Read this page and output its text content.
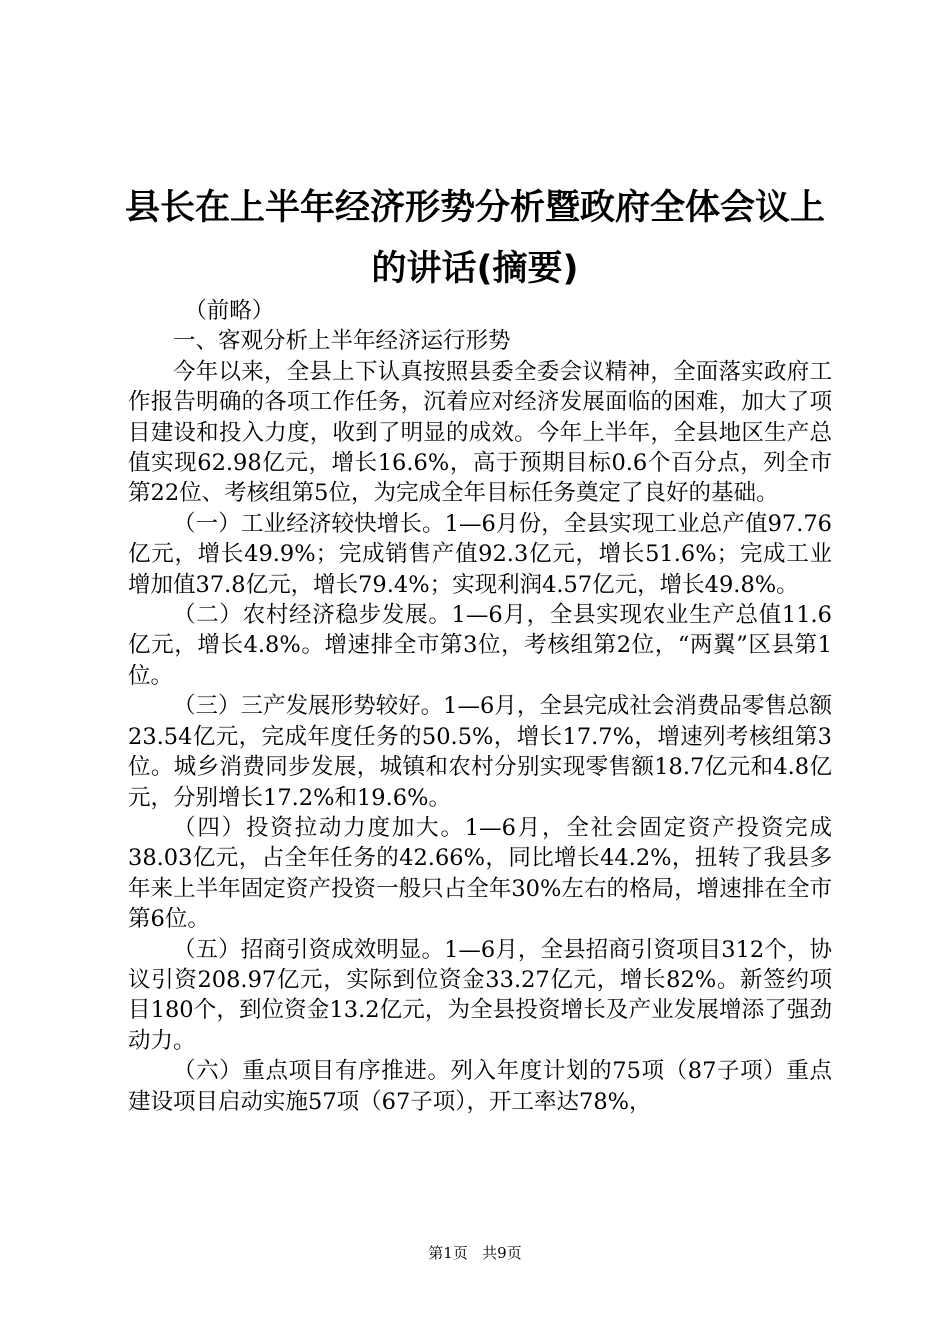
县长在上半年经济形势分析暨政府全体会议上的讲话(摘要)

（前略）

一、客观分析上半年经济运行形势

今年以来，全县上下认真按照县委全委会议精神，全面落实政府工作报告明确的各项工作任务，沉着应对经济发展面临的困难，加大了项目建设和投入力度，收到了明显的成效。今年上半年，全县地区生产总值实现62.98亿元，增长16.6%，高于预期目标0.6个百分点，列全市第22位、考核组第5位，为完成全年目标任务奠定了良好的基础。

（一）工业经济较快增长。1—6月份，全县实现工业总产值97.76亿元，增长49.9%；完成销售产值92.3亿元，增长51.6%；完成工业增加值37.8亿元，增长79.4%；实现利润4.57亿元，增长49.8%。

（二）农村经济稳步发展。1—6月，全县实现农业生产总值11.6亿元，增长4.8%。增速排全市第3位，考核组第2位，“两翼”区县第1位。

（三）三产发展形势较好。1—6月，全县完成社会消费品零售总额23.54亿元，完成年度任务的50.5%，增长17.7%，增速列考核组第3位。城乡消费同步发展，城镇和农村分别实现零售额18.7亿元和4.8亿元，分别增长17.2%和19.6%。

（四）投资拉动力度加大。1—6月，全社会固定资产投资完成38.03亿元，占全年任务的42.66%，同比增长44.2%，扭转了我县多年来上半年固定资产投资一般只占全年30%左右的格局，增速排在全市第6位。

（五）招商引资成效明显。1—6月，全县招商引资项目312个，协议引资208.97亿元，实际到位资金33.27亿元，增长82%。新签约项目180个，到位资金13.2亿元，为全县投资增长及产业发展增添了强劲动力。

（六）重点项目有序推进。列入年度计划的75项（87子项）重点建设项目启动实施57项（67子项），开工率达78%，

第1页 共9页
